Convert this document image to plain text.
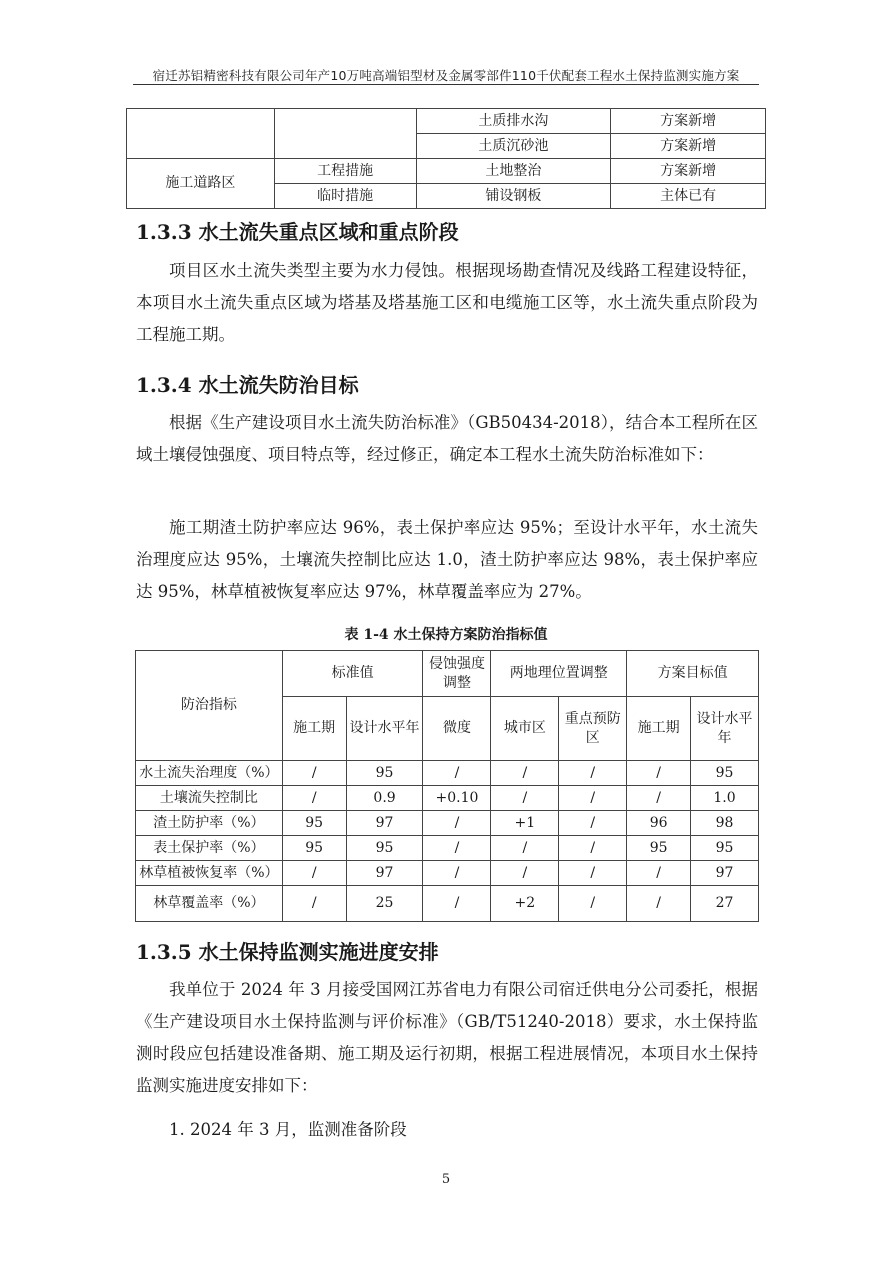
宿迁苏铝精密科技有限公司年产10万吨高端铝型材及金属零部件110千伏配套工程水土保持监测实施方案
		土质排水沟	方案新增
		土质沉砂池	方案新增
施工道路区	工程措施	土地整治	方案新增
	临时措施	铺设钢板	主体已有
1.3.3 水土流失重点区域和重点阶段

项目区水土流失类型主要为水力侵蚀。根据现场勘查情况及线路工程建设特征，本项目水土流失重点区域为塔基及塔基施工区和电缆施工区等，水土流失重点阶段为工程施工期。

1.3.4 水土流失防治目标

根据《生产建设项目水土流失防治标准》（GB50434-2018），结合本工程所在区域土壤侵蚀强度、项目特点等，经过修正，确定本工程水土流失防治标准如下：

施工期渣土防护率应达 96%，表土保护率应达 95%；至设计水平年，水土流失治理度应达 95%，土壤流失控制比应达 1.0，渣土防护率应达 98%，表土保护率应达 95%，林草植被恢复率应达 97%，林草覆盖率应为 27%。

表 1-4 水土保持方案防治指标值
防治指标	标准值		侵蚀强度调整	两地理位置调整		方案目标值	
	施工期	设计水平年	微度	城市区	重点预防区	施工期	设计水平年
水土流失治理度（%）	/	95	/	/	/	/	95
土壤流失控制比	/	0.9	+0.10	/	/	/	1.0
渣土防护率（%）	95	97	/	+1	/	96	98
表土保护率（%）	95	95	/	/	/	95	95
林草植被恢复率（%）	/	97	/	/	/	/	97
林草覆盖率（%）	/	25	/	+2	/	/	27
1.3.5 水土保持监测实施进度安排

我单位于 2024 年 3 月接受国网江苏省电力有限公司宿迁供电分公司委托，根据《生产建设项目水土保持监测与评价标准》（GB/T51240-2018）要求，水土保持监测时段应包括建设准备期、施工期及运行初期，根据工程进展情况，本项目水土保持监测实施进度安排如下：

1. 2024 年 3 月，监测准备阶段

5
